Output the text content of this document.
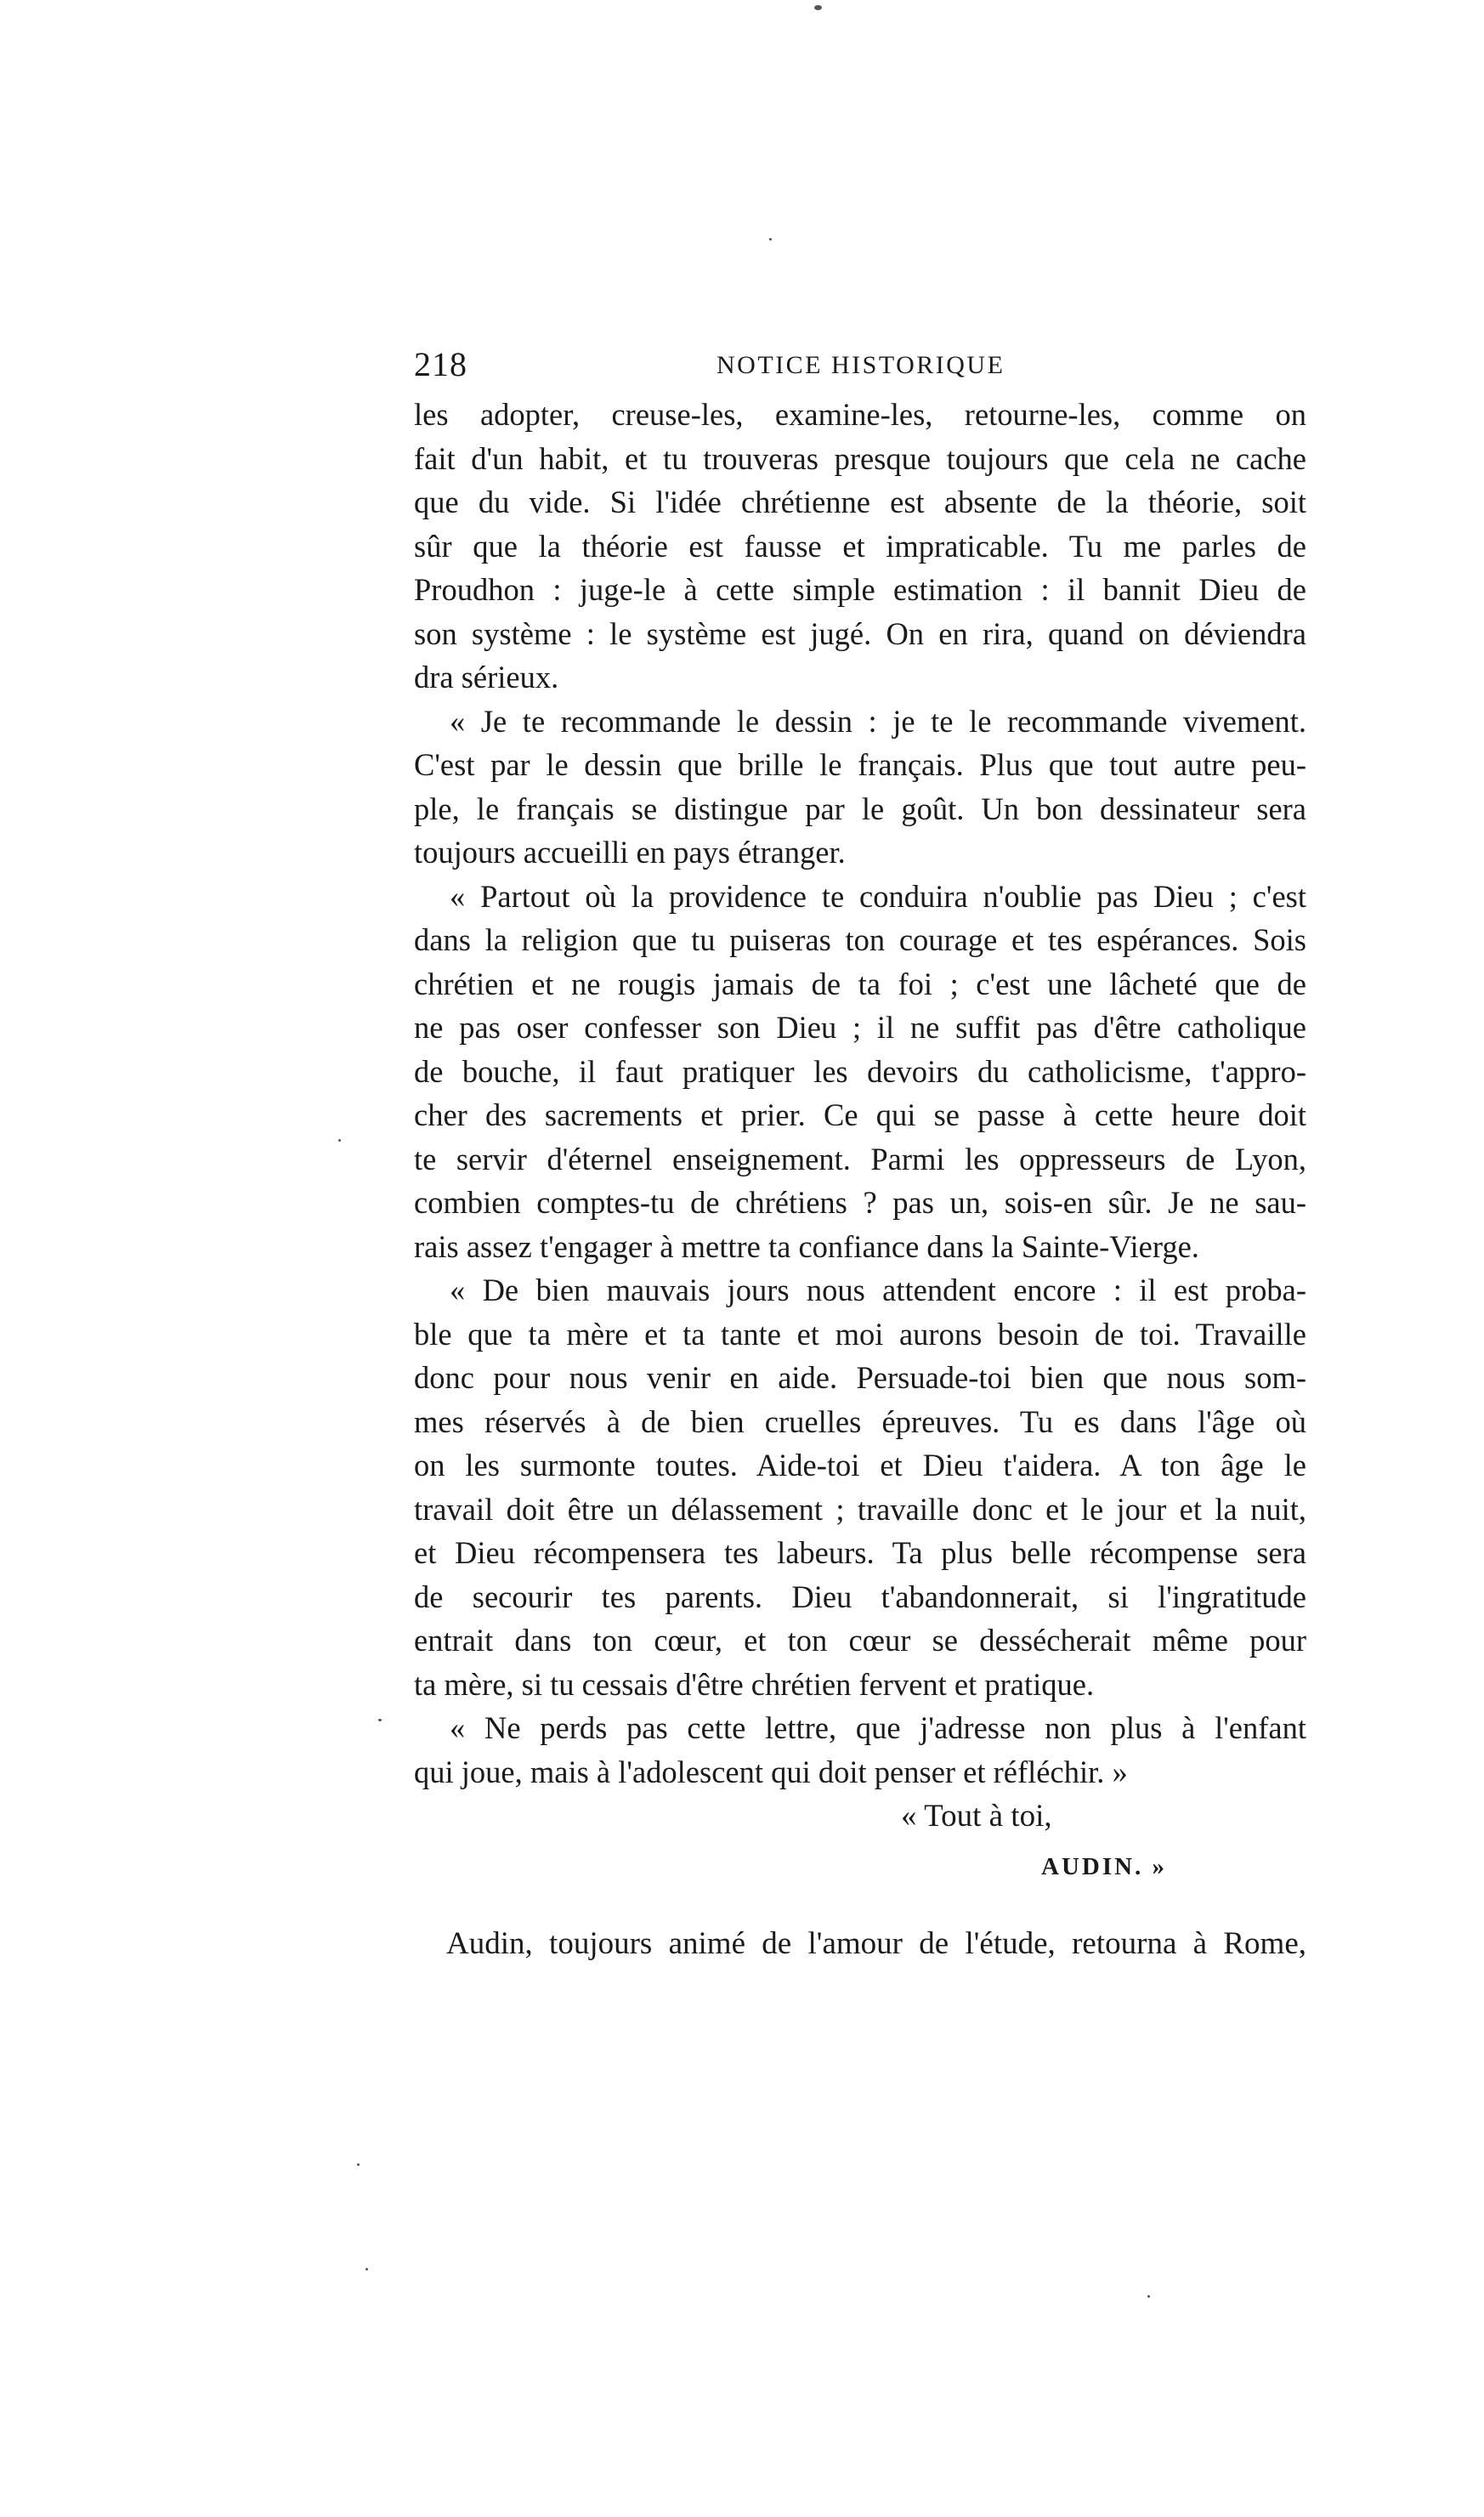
218	NOTICE HISTORIQUE
les adopter, creuse-les, examine-les, retourne-les, comme on
fait d'un habit, et tu trouveras presque toujours que cela ne cache
que du vide. Si l'idée chrétienne est absente de la théorie, soit
sûr que la théorie est fausse et impraticable. Tu me parles de
Proudhon : juge-le à cette simple estimation : il bannit Dieu de
son système : le système est jugé. On en rira, quand on déviendra
dra sérieux.
« Je te recommande le dessin : je te le recommande vivement.
C'est par le dessin que brille le français. Plus que tout autre peu-
ple, le français se distingue par le goût. Un bon dessinateur sera
toujours accueilli en pays étranger.
« Partout où la providence te conduira n'oublie pas Dieu ; c'est
dans la religion que tu puiseras ton courage et tes espérances. Sois
chrétien et ne rougis jamais de ta foi ; c'est une lâcheté que de
ne pas oser confesser son Dieu ; il ne suffit pas d'être catholique
de bouche, il faut pratiquer les devoirs du catholicisme, t'appro-
cher des sacrements et prier. Ce qui se passe à cette heure doit
te servir d'éternel enseignement. Parmi les oppresseurs de Lyon,
combien comptes-tu de chrétiens ? pas un, sois-en sûr. Je ne sau-
rais assez t'engager à mettre ta confiance dans la Sainte-Vierge.
« De bien mauvais jours nous attendent encore : il est proba-
ble que ta mère et ta tante et moi aurons besoin de toi. Travaille
donc pour nous venir en aide. Persuade-toi bien que nous som-
mes réservés à de bien cruelles épreuves. Tu es dans l'âge où
on les surmonte toutes. Aide-toi et Dieu t'aidera. A ton âge le
travail doit être un délassement ; travaille donc et le jour et la nuit,
et Dieu récompensera tes labeurs. Ta plus belle récompense sera
de secourir tes parents. Dieu t'abandonnerait, si l'ingratitude
entrait dans ton cœur, et ton cœur se dessécherait même pour
ta mère, si tu cessais d'être chrétien fervent et pratique.
« Ne perds pas cette lettre, que j'adresse non plus à l'enfant
qui joue, mais à l'adolescent qui doit penser et réfléchir. »
« Tout à toi,
AUDIN. »
Audin, toujours animé de l'amour de l'étude, retourna à Rome,
